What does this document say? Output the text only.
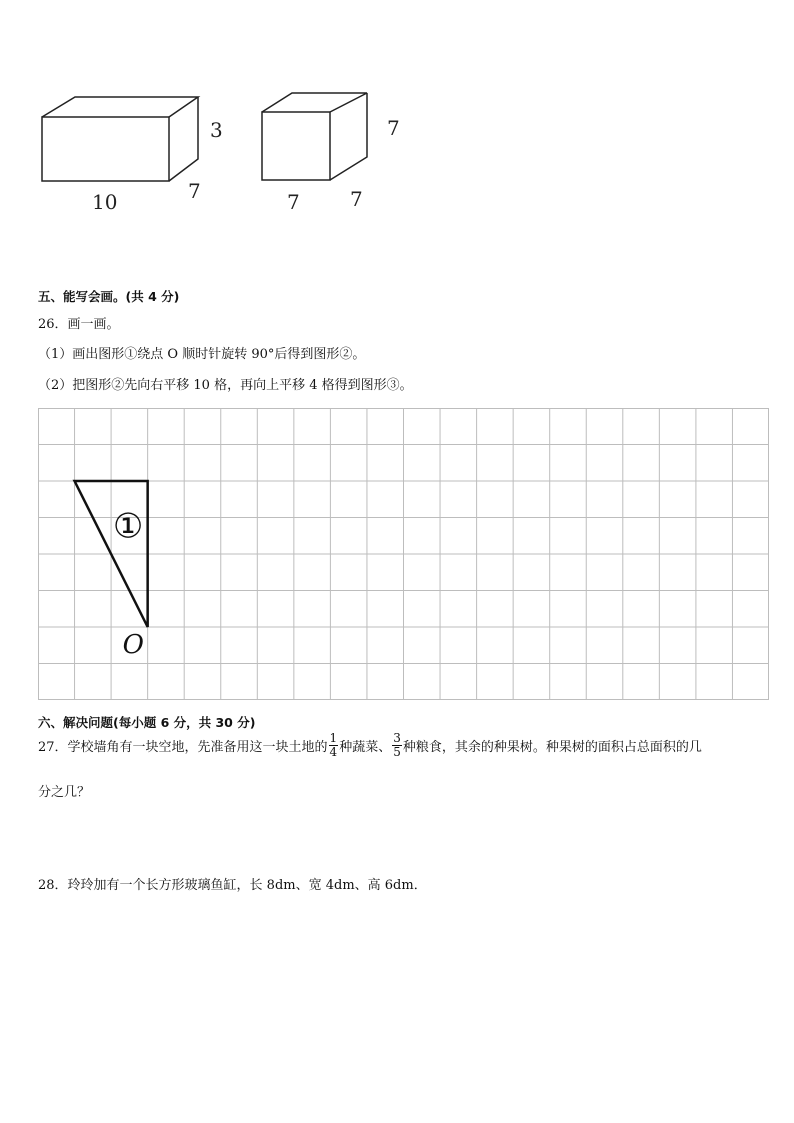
3
7
10
7
7	7
五、能写会画。(共 4 分)
26．画一画。
（1）画出图形①绕点 O 顺时针旋转 90°后得到图形②。
（2）把图形②先向右平移 10 格，再向上平移 4 格得到图形③。
①
O
六、解决问题(每小题 6 分，共 30 分)
27．学校墙角有一块空地，先准备用这一块土地的 $\frac{1}{4}$ 种蔬菜、 $\frac{3}{5}$ 种粮食，其余的种果树。种果树的面积占总面积的几
分之几？
28．玲玲加有一个长方形玻璃鱼缸，长 8dm、宽 4dm、高 6dm．
